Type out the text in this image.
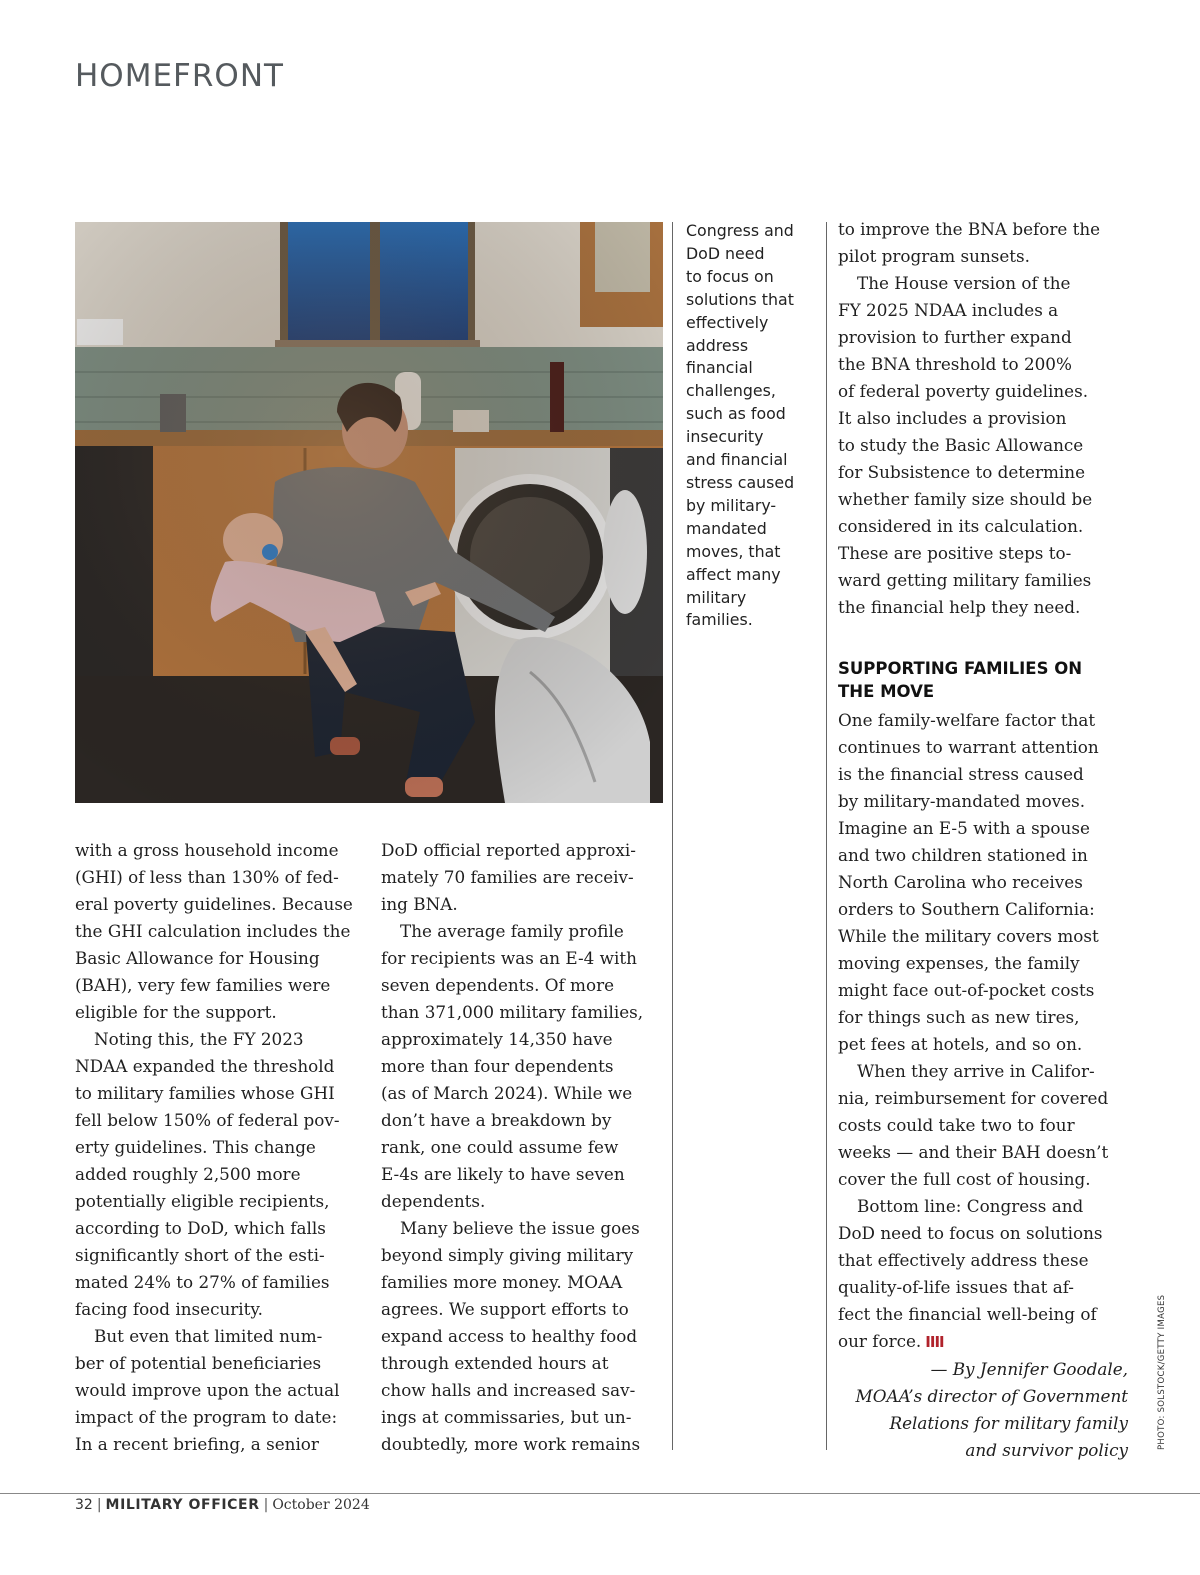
HOMEFRONT
Congress and
DoD need
to focus on
solutions that
effectively
address
financial
challenges,
such as food
insecurity
and financial
stress caused
by military-
mandated
moves, that
affect many
military
families.

with a gross household income
(GHI) of less than 130% of fed-
eral poverty guidelines. Because
the GHI calculation includes the
Basic Allowance for Housing
(BAH), very few families were
eligible for the support.

Noting this, the FY 2023
NDAA expanded the threshold
to military families whose GHI
fell below 150% of federal pov-
erty guidelines. This change
added roughly 2,500 more
potentially eligible recipients,
according to DoD, which falls
significantly short of the esti-
mated 24% to 27% of families
facing food insecurity.

But even that limited num-
ber of potential beneficiaries
would improve upon the actual
impact of the program to date:
In a recent briefing, a senior

DoD official reported approxi-
mately 70 families are receiv-
ing BNA.

The average family profile
for recipients was an E-4 with
seven dependents. Of more
than 371,000 military families,
approximately 14,350 have
more than four dependents
(as of March 2024). While we
don’t have a breakdown by
rank, one could assume few
E-4s are likely to have seven
dependents.

Many believe the issue goes
beyond simply giving military
families more money. MOAA
agrees. We support efforts to
expand access to healthy food
through extended hours at
chow halls and increased sav-
ings at commissaries, but un-
doubtedly, more work remains

to improve the BNA before the
pilot program sunsets.

The House version of the
FY 2025 NDAA includes a
provision to further expand
the BNA threshold to 200%
of federal poverty guidelines.
It also includes a provision
to study the Basic Allowance
for Subsistence to determine
whether family size should be
considered in its calculation.
These are positive steps to-
ward getting military families
the financial help they need.

SUPPORTING FAMILIES ON
THE MOVE

One family-welfare factor that
continues to warrant attention
is the financial stress caused
by military-mandated moves.
Imagine an E-5 with a spouse
and two children stationed in
North Carolina who receives
orders to Southern California:
While the military covers most
moving expenses, the family
might face out-of-pocket costs
for things such as new tires,
pet fees at hotels, and so on.

When they arrive in Califor-
nia, reimbursement for covered
costs could take two to four
weeks — and their BAH doesn’t
cover the full cost of housing.

Bottom line: Congress and
DoD need to focus on solutions
that effectively address these
quality-of-life issues that af-
fect the financial well-being of
our force. IIII

— By Jennifer Goodale,
MOAA’s director of Government
Relations for military family
and survivor policy	PHOTO: SOLSTOCK/GETTY IMAGES
32 | MILITARY OFFICER | October 2024
